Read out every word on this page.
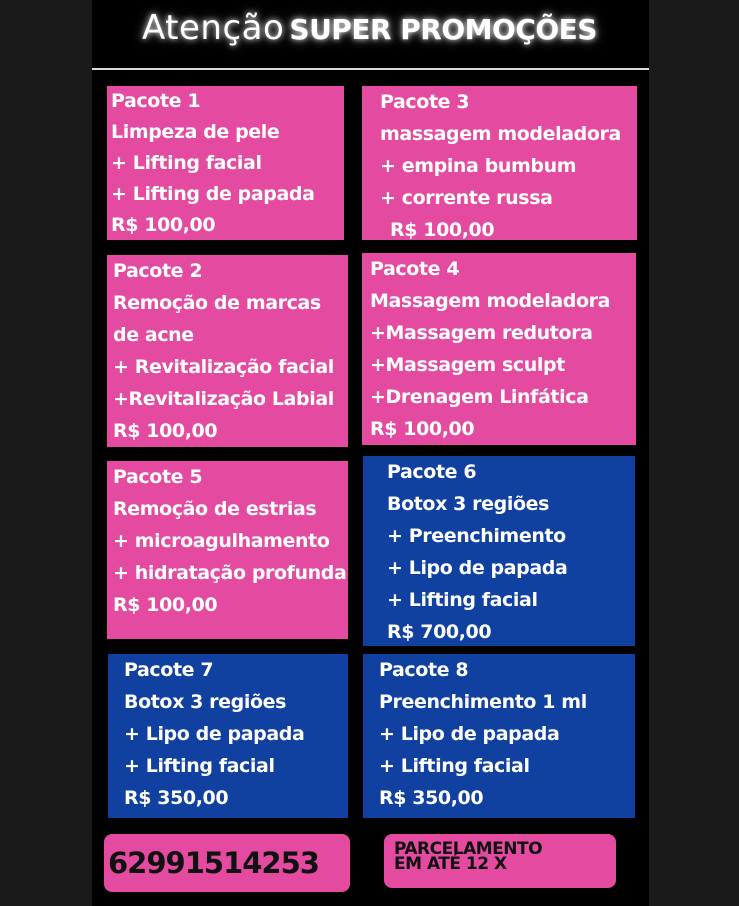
Atenção SUPER PROMOÇÕES
Pacote 1
Limpeza de pele
+ Lifting facial
+ Lifting de papada
R$ 100,00
Pacote 3
massagem modeladora
+ empina bumbum
+ corrente russa
R$ 100,00
Pacote 2
Remoção de marcas
de acne
+ Revitalização facial
+Revitalização Labial
R$ 100,00
Pacote 4
Massagem modeladora
+Massagem redutora
+Massagem sculpt
+Drenagem Linfática
R$ 100,00
Pacote 5
Remoção de estrias
+ microagulhamento
+ hidratação profunda
R$ 100,00
Pacote 6
Botox 3 regiões
+ Preenchimento
+ Lipo de papada
+ Lifting facial
R$ 700,00
Pacote 7
Botox 3 regiões
+ Lipo de papada
+ Lifting facial
R$ 350,00
Pacote 8
Preenchimento 1 ml
+ Lipo de papada
+ Lifting facial
R$ 350,00
62991514253	PARCELAMENTO
EM ATÉ 12 X
